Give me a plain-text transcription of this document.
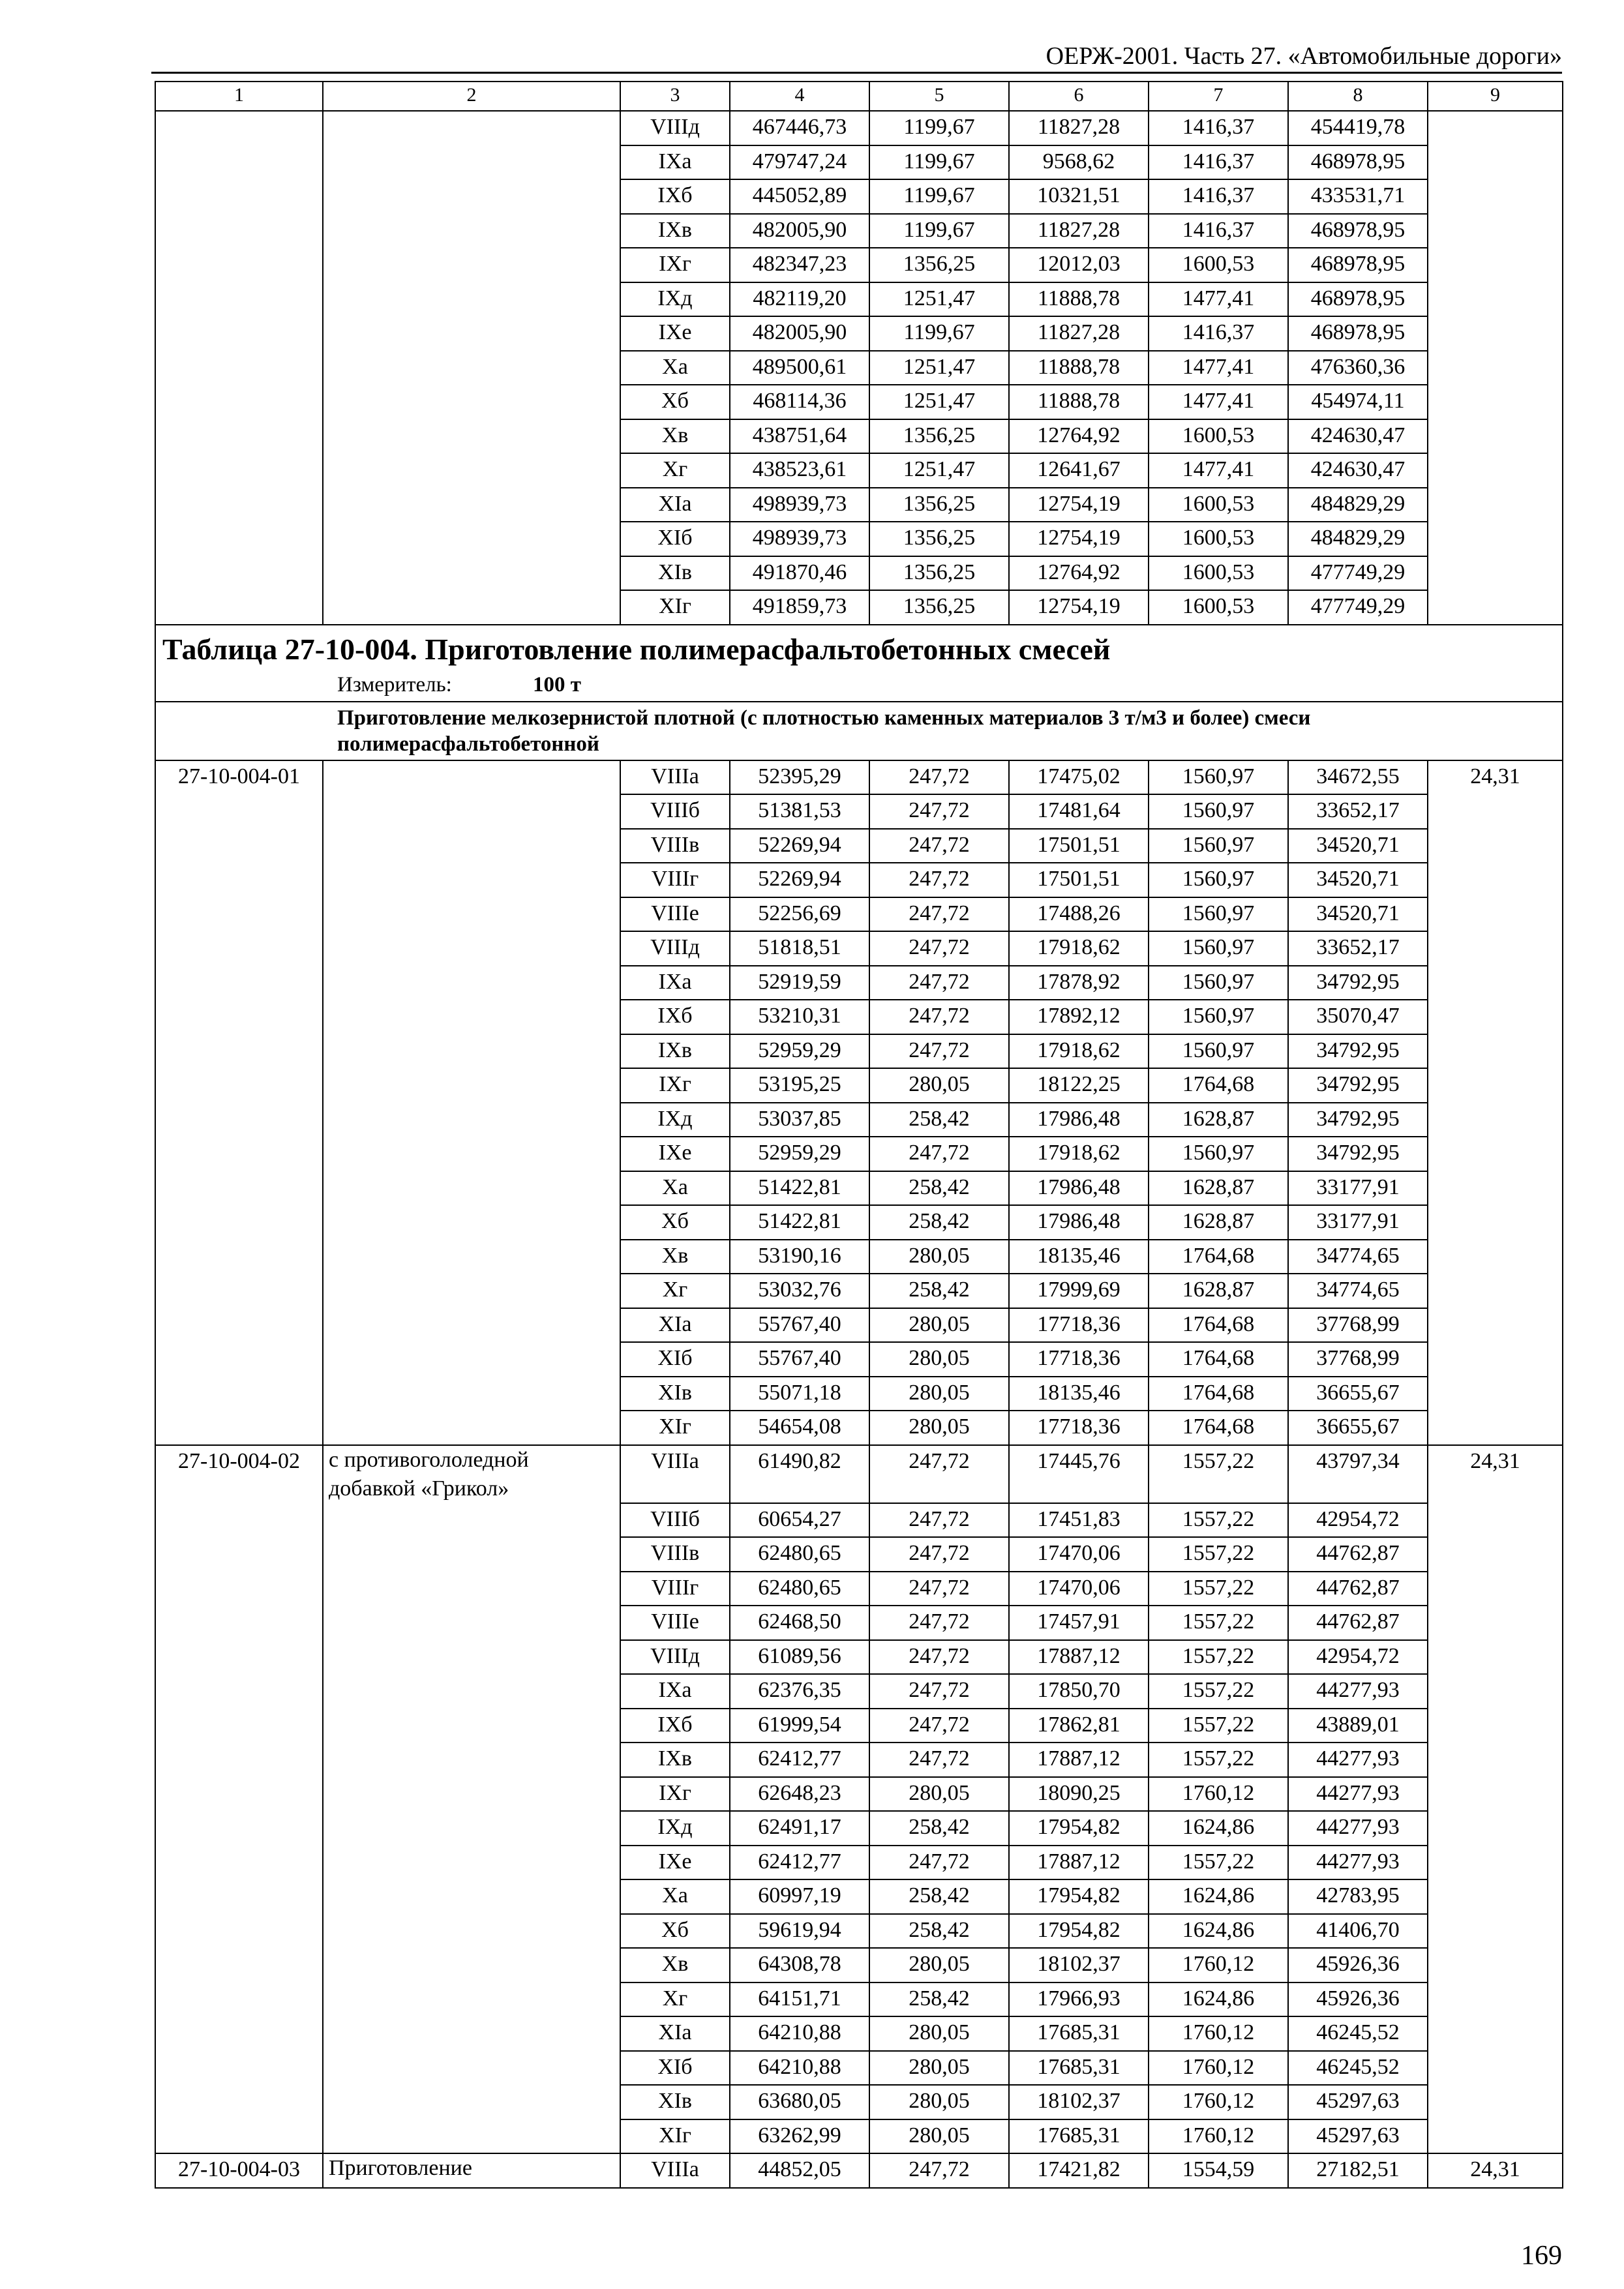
ОЕРЖ-2001. Часть 27. «Автомобильные дороги»
1	2	3	4	5	6	7	8	9
		VIIIд	467446,73	1199,67	11827,28	1416,37	454419,78	
		IXа	479747,24	1199,67	9568,62	1416,37	468978,95	
		IXб	445052,89	1199,67	10321,51	1416,37	433531,71	
		IXв	482005,90	1199,67	11827,28	1416,37	468978,95	
		IXг	482347,23	1356,25	12012,03	1600,53	468978,95	
		IXд	482119,20	1251,47	11888,78	1477,41	468978,95	
		IXе	482005,90	1199,67	11827,28	1416,37	468978,95	
		Xа	489500,61	1251,47	11888,78	1477,41	476360,36	
		Xб	468114,36	1251,47	11888,78	1477,41	454974,11	
		Xв	438751,64	1356,25	12764,92	1600,53	424630,47	
		Xг	438523,61	1251,47	12641,67	1477,41	424630,47	
		XIа	498939,73	1356,25	12754,19	1600,53	484829,29	
		XIб	498939,73	1356,25	12754,19	1600,53	484829,29	
		XIв	491870,46	1356,25	12764,92	1600,53	477749,29	
		XIг	491859,73	1356,25	12754,19	1600,53	477749,29	

Таблица 27-10-004. Приготовление полимерасфальтобетонных смесей
Измеритель: 100 т								

Приготовление мелкозернистой плотной (с плотностью каменных материалов 3 т/м3 и более) смеси полимерасфальтобетонной								
27-10-004-01		VIIIа	52395,29	247,72	17475,02	1560,97	34672,55	24,31
		VIIIб	51381,53	247,72	17481,64	1560,97	33652,17	
		VIIIв	52269,94	247,72	17501,51	1560,97	34520,71	
		VIIIг	52269,94	247,72	17501,51	1560,97	34520,71	
		VIIIе	52256,69	247,72	17488,26	1560,97	34520,71	
		VIIIд	51818,51	247,72	17918,62	1560,97	33652,17	
		IXа	52919,59	247,72	17878,92	1560,97	34792,95	
		IXб	53210,31	247,72	17892,12	1560,97	35070,47	
		IXв	52959,29	247,72	17918,62	1560,97	34792,95	
		IXг	53195,25	280,05	18122,25	1764,68	34792,95	
		IXд	53037,85	258,42	17986,48	1628,87	34792,95	
		IXе	52959,29	247,72	17918,62	1560,97	34792,95	
		Xа	51422,81	258,42	17986,48	1628,87	33177,91	
		Xб	51422,81	258,42	17986,48	1628,87	33177,91	
		Xв	53190,16	280,05	18135,46	1764,68	34774,65	
		Xг	53032,76	258,42	17999,69	1628,87	34774,65	
		XIа	55767,40	280,05	17718,36	1764,68	37768,99	
		XIб	55767,40	280,05	17718,36	1764,68	37768,99	
		XIв	55071,18	280,05	18135,46	1764,68	36655,67	
		XIг	54654,08	280,05	17718,36	1764,68	36655,67	
27-10-004-02	с противогололедной добавкой «Грикол»	VIIIа	61490,82	247,72	17445,76	1557,22	43797,34	24,31
		VIIIб	60654,27	247,72	17451,83	1557,22	42954,72	
		VIIIв	62480,65	247,72	17470,06	1557,22	44762,87	
		VIIIг	62480,65	247,72	17470,06	1557,22	44762,87	
		VIIIе	62468,50	247,72	17457,91	1557,22	44762,87	
		VIIIд	61089,56	247,72	17887,12	1557,22	42954,72	
		IXа	62376,35	247,72	17850,70	1557,22	44277,93	
		IXб	61999,54	247,72	17862,81	1557,22	43889,01	
		IXв	62412,77	247,72	17887,12	1557,22	44277,93	
		IXг	62648,23	280,05	18090,25	1760,12	44277,93	
		IXд	62491,17	258,42	17954,82	1624,86	44277,93	
		IXе	62412,77	247,72	17887,12	1557,22	44277,93	
		Xа	60997,19	258,42	17954,82	1624,86	42783,95	
		Xб	59619,94	258,42	17954,82	1624,86	41406,70	
		Xв	64308,78	280,05	18102,37	1760,12	45926,36	
		Xг	64151,71	258,42	17966,93	1624,86	45926,36	
		XIа	64210,88	280,05	17685,31	1760,12	46245,52	
		XIб	64210,88	280,05	17685,31	1760,12	46245,52	
		XIв	63680,05	280,05	18102,37	1760,12	45297,63	
		XIг	63262,99	280,05	17685,31	1760,12	45297,63	
27-10-004-03	Приготовление	VIIIа	44852,05	247,72	17421,82	1554,59	27182,51	24,31
169
